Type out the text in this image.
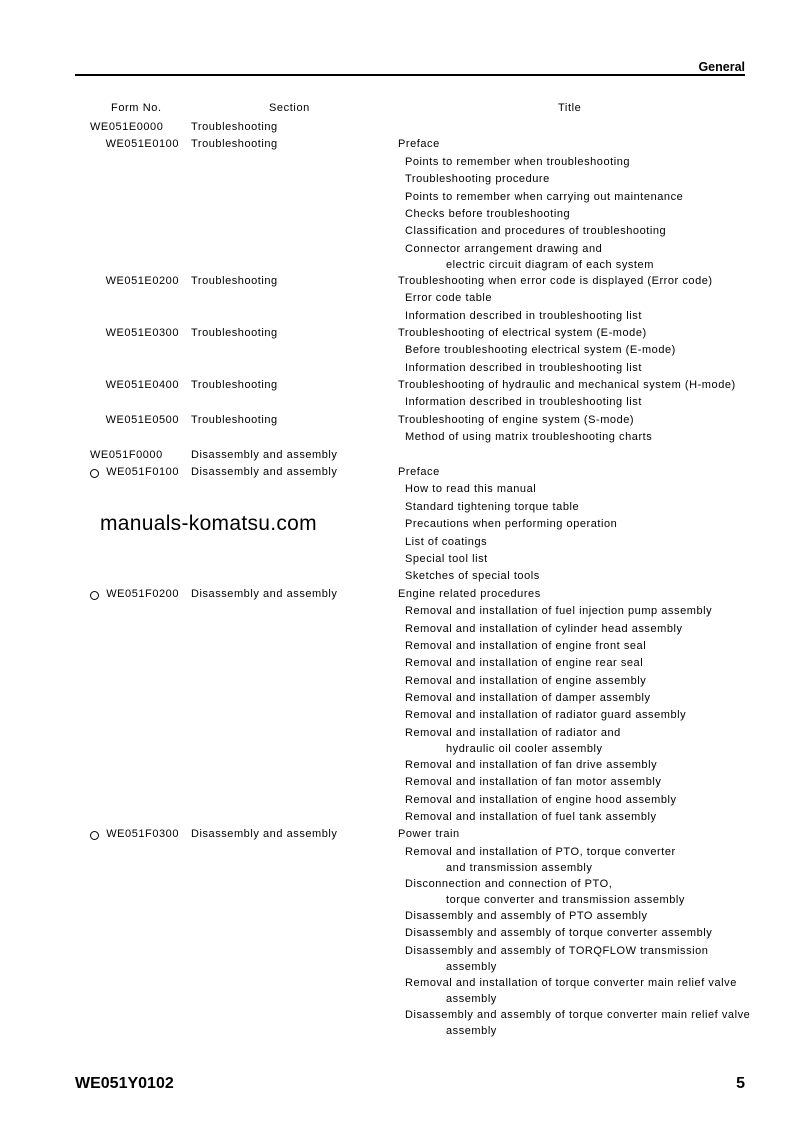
General
Form No.	Section	Title
WE051E0000	Troubleshooting
WE051E0100 Troubleshooting	Preface
Points to remember when troubleshooting
Troubleshooting procedure
Points to remember when carrying out maintenance
Checks before troubleshooting
Classification and procedures of troubleshooting
Connector arrangement drawing and
electric circuit diagram of each system
WE051E0200 Troubleshooting	Troubleshooting when error code is displayed (Error code)
Error code table
Information described in troubleshooting list
WE051E0300 Troubleshooting	Troubleshooting of electrical system (E-mode)
Before troubleshooting electrical system (E-mode)
Information described in troubleshooting list
WE051E0400 Troubleshooting	Troubleshooting of hydraulic and mechanical system (H-mode)
Information described in troubleshooting list
WE051E0500 Troubleshooting	Troubleshooting of engine system (S-mode)
Method of using matrix troubleshooting charts
WE051F0000	Disassembly and assembly
WE051F0100 Disassembly and assembly	Preface
How to read this manual
Standard tightening torque table
Precautions when performing operation
List of coatings
Special tool list
Sketches of special tools
WE051F0200 Disassembly and assembly	Engine related procedures
Removal and installation of fuel injection pump assembly
Removal and installation of cylinder head assembly
Removal and installation of engine front seal
Removal and installation of engine rear seal
Removal and installation of engine assembly
Removal and installation of damper assembly
Removal and installation of radiator guard assembly
Removal and installation of radiator and
hydraulic oil cooler assembly
Removal and installation of fan drive assembly
Removal and installation of fan motor assembly
Removal and installation of engine hood assembly
Removal and installation of fuel tank assembly
WE051F0300 Disassembly and assembly	Power train
Removal and installation of PTO, torque converter
and transmission assembly
Disconnection and connection of PTO,
torque converter and transmission assembly
Disassembly and assembly of PTO assembly
Disassembly and assembly of torque converter assembly
Disassembly and assembly of TORQFLOW transmission
assembly
Removal and installation of torque converter main relief valve
assembly
Disassembly and assembly of torque converter main relief valve
assembly
manuals-komatsu.com
WE051Y0102	5
